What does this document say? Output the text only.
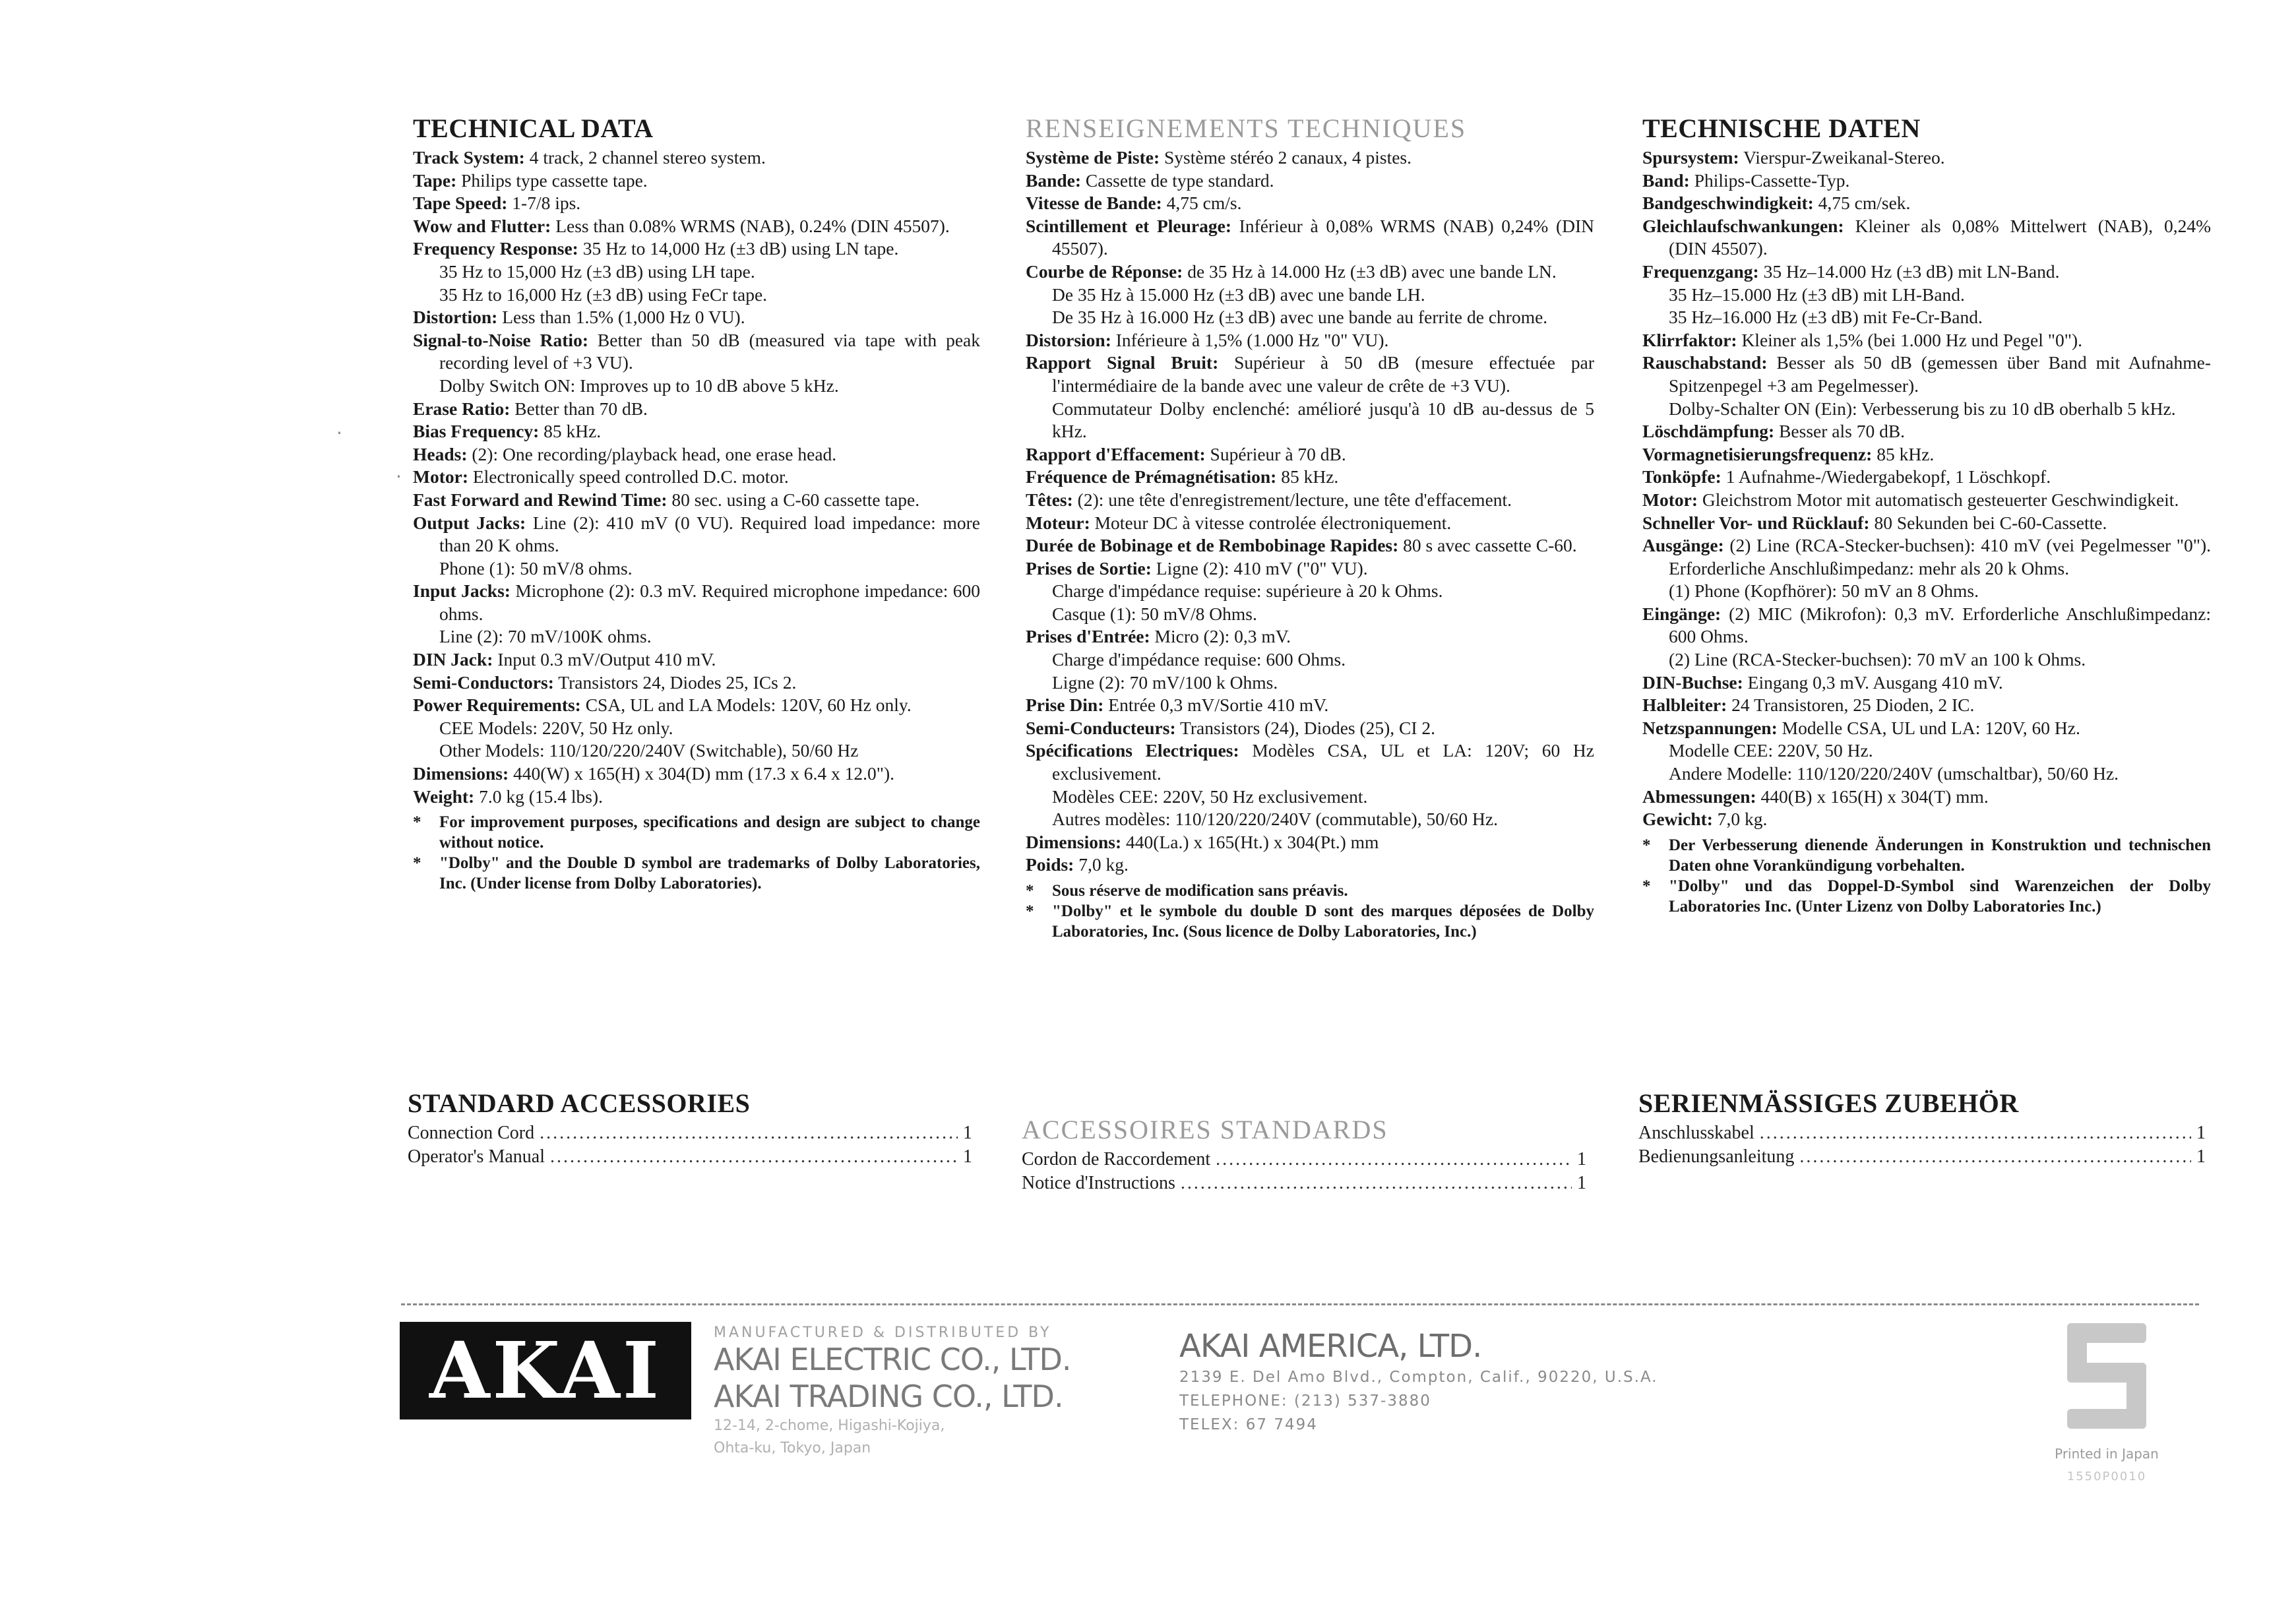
TECHNICAL DATA

Track System: 4 track, 2 channel stereo system.

Tape: Philips type cassette tape.

Tape Speed: 1-7/8 ips.

Wow and Flutter: Less than 0.08% WRMS (NAB), 0.24% (DIN 45507).

Frequency Response: 35 Hz to 14,000 Hz (±3 dB) using LN tape.

35 Hz to 15,000 Hz (±3 dB) using LH tape.

35 Hz to 16,000 Hz (±3 dB) using FeCr tape.

Distortion: Less than 1.5% (1,000 Hz 0 VU).

Signal-to-Noise Ratio: Better than 50 dB (measured via tape with peak recording level of +3 VU).

Dolby Switch ON: Improves up to 10 dB above 5 kHz.

Erase Ratio: Better than 70 dB.

Bias Frequency: 85 kHz.

Heads: (2): One recording/playback head, one erase head.

Motor: Electronically speed controlled D.C. motor.

Fast Forward and Rewind Time: 80 sec. using a C-60 cassette tape.

Output Jacks: Line (2): 410 mV (0 VU). Required load impedance: more than 20 K ohms.

Phone (1): 50 mV/8 ohms.

Input Jacks: Microphone (2): 0.3 mV. Required microphone impedance: 600 ohms.

Line (2): 70 mV/100K ohms.

DIN Jack: Input 0.3 mV/Output 410 mV.

Semi-Conductors: Transistors 24, Diodes 25, ICs 2.

Power Requirements: CSA, UL and LA Models: 120V, 60 Hz only.

CEE Models: 220V, 50 Hz only.

Other Models: 110/120/220/240V (Switchable), 50/60 Hz

Dimensions: 440(W) x 165(H) x 304(D) mm (17.3 x 6.4 x 12.0").

Weight: 7.0 kg (15.4 lbs).

* For improvement purposes, specifications and design are subject to change without notice.

* "Dolby" and the Double D symbol are trademarks of Dolby Laboratories, Inc. (Under license from Dolby Laboratories).

RENSEIGNEMENTS TECHNIQUES

Système de Piste: Système stéréo 2 canaux, 4 pistes.

Bande: Cassette de type standard.

Vitesse de Bande: 4,75 cm/s.

Scintillement et Pleurage: Inférieur à 0,08% WRMS (NAB) 0,24% (DIN 45507).

Courbe de Réponse: de 35 Hz à 14.000 Hz (±3 dB) avec une bande LN.

De 35 Hz à 15.000 Hz (±3 dB) avec une bande LH.

De 35 Hz à 16.000 Hz (±3 dB) avec une bande au ferrite de chrome.

Distorsion: Inférieure à 1,5% (1.000 Hz "0" VU).

Rapport Signal Bruit: Supérieur à 50 dB (mesure effectuée par l'intermédiaire de la bande avec une valeur de crête de +3 VU).

Commutateur Dolby enclenché: amélioré jusqu'à 10 dB au-dessus de 5 kHz.

Rapport d'Effacement: Supérieur à 70 dB.

Fréquence de Prémagnétisation: 85 kHz.

Têtes: (2): une tête d'enregistrement/lecture, une tête d'effacement.

Moteur: Moteur DC à vitesse controlée électroniquement.

Durée de Bobinage et de Rembobinage Rapides: 80 s avec cassette C-60.

Prises de Sortie: Ligne (2): 410 mV ("0" VU).

Charge d'impédance requise: supérieure à 20 k Ohms.

Casque (1): 50 mV/8 Ohms.

Prises d'Entrée: Micro (2): 0,3 mV.

Charge d'impédance requise: 600 Ohms.

Ligne (2): 70 mV/100 k Ohms.

Prise Din: Entrée 0,3 mV/Sortie 410 mV.

Semi-Conducteurs: Transistors (24), Diodes (25), CI 2.

Spécifications Electriques: Modèles CSA, UL et LA: 120V; 60 Hz exclusivement.

Modèles CEE: 220V, 50 Hz exclusivement.

Autres modèles: 110/120/220/240V (commutable), 50/60 Hz.

Dimensions: 440(La.) x 165(Ht.) x 304(Pt.) mm

Poids: 7,0 kg.

* Sous réserve de modification sans préavis.

* "Dolby" et le symbole du double D sont des marques déposées de Dolby Laboratories, Inc. (Sous licence de Dolby Laboratories, Inc.)

TECHNISCHE DATEN

Spursystem: Vierspur-Zweikanal-Stereo.

Band: Philips-Cassette-Typ.

Bandgeschwindigkeit: 4,75 cm/sek.

Gleichlaufschwankungen: Kleiner als 0,08% Mittelwert (NAB), 0,24% (DIN 45507).

Frequenzgang: 35 Hz–14.000 Hz (±3 dB) mit LN-Band.

35 Hz–15.000 Hz (±3 dB) mit LH-Band.

35 Hz–16.000 Hz (±3 dB) mit Fe-Cr-Band.

Klirrfaktor: Kleiner als 1,5% (bei 1.000 Hz und Pegel "0").

Rauschabstand: Besser als 50 dB (gemessen über Band mit Aufnahme-Spitzenpegel +3 am Pegelmesser).

Dolby-Schalter ON (Ein): Verbesserung bis zu 10 dB oberhalb 5 kHz.

Löschdämpfung: Besser als 70 dB.

Vormagnetisierungsfrequenz: 85 kHz.

Tonköpfe: 1 Aufnahme-/Wiedergabekopf, 1 Löschkopf.

Motor: Gleichstrom Motor mit automatisch gesteuerter Geschwindigkeit.

Schneller Vor- und Rücklauf: 80 Sekunden bei C-60-Cassette.

Ausgänge: (2) Line (RCA-Stecker-buchsen): 410 mV (vei Pegelmesser "0"). Erforderliche Anschlußimpedanz: mehr als 20 k Ohms.

(1) Phone (Kopfhörer): 50 mV an 8 Ohms.

Eingänge: (2) MIC (Mikrofon): 0,3 mV. Erforderliche Anschlußimpedanz: 600 Ohms.

(2) Line (RCA-Stecker-buchsen): 70 mV an 100 k Ohms.

DIN-Buchse: Eingang 0,3 mV. Ausgang 410 mV.

Halbleiter: 24 Transistoren, 25 Dioden, 2 IC.

Netzspannungen: Modelle CSA, UL und LA: 120V, 60 Hz.

Modelle CEE: 220V, 50 Hz.

Andere Modelle: 110/120/220/240V (umschaltbar), 50/60 Hz.

Abmessungen: 440(B) x 165(H) x 304(T) mm.

Gewicht: 7,0 kg.

* Der Verbesserung dienende Änderungen in Konstruktion und technischen Daten ohne Vorankündigung vorbehalten.

* "Dolby" und das Doppel-D-Symbol sind Warenzeichen der Dolby Laboratories Inc. (Unter Lizenz von Dolby Laboratories Inc.)

STANDARD ACCESSORIES
Connection Cord .....	1
Operator's Manual .....	1
ACCESSOIRES STANDARDS
Cordon de Raccordement .....	1
Notice d'Instructions .....	1
SERIENMÄSSIGES ZUBEHÖR
Anschlusskabel .....	1
Bedienungsanleitung .....	1
·
·
AKAI	MANUFACTURED & DISTRIBUTED BY
AKAI ELECTRIC CO., LTD.
AKAI TRADING CO., LTD.
12-14, 2-chome, Higashi-Kojiya,
Ohta-ku, Tokyo, Japan
AKAI AMERICA, LTD.
2139 E. Del Amo Blvd., Compton, Calif., 90220, U.S.A.
TELEPHONE: (213) 537-3880
TELEX: 67 7494
Printed in Japan
1550P0010
